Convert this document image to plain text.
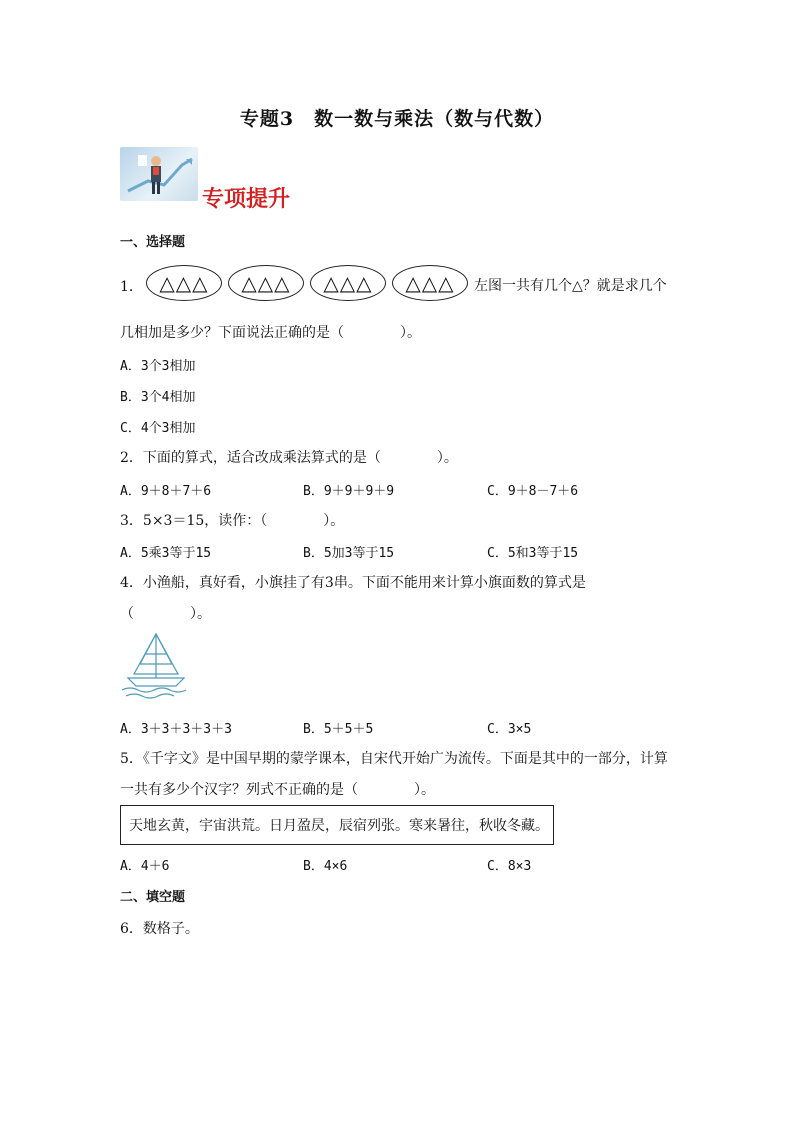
专题3　数一数与乘法（数与代数）
专项提升
一、选择题
1． △△△ △△△ △△△ △△△	左图一共有几个△？就是求几个
几相加是多少？下面说法正确的是（　　　　）。
A．3个3相加
B．3个4相加
C．4个3相加
2．下面的算式，适合改成乘法算式的是（　　　　）。
A．9＋8＋7＋6	B．9＋9＋9＋9	C．9＋8－7＋6
3．5×3＝15，读作：（　　　　）。
A．5乘3等于15	B．5加3等于15	C．5和3等于15
4．小渔船，真好看，小旗挂了有3串。下面不能用来计算小旗面数的算式是
（　　　　）。
A．3＋3＋3＋3＋3	B．5＋5＋5	C．3×5
5．《千字文》是中国早期的蒙学课本，自宋代开始广为流传。下面是其中的一部分，计算
一共有多少个汉字？列式不正确的是（　　　　）。
天地玄黄，宇宙洪荒。日月盈昃，辰宿列张。寒来暑往，秋收冬藏。
A．4＋6	B．4×6	C．8×3
二、填空题
6．数格子。
